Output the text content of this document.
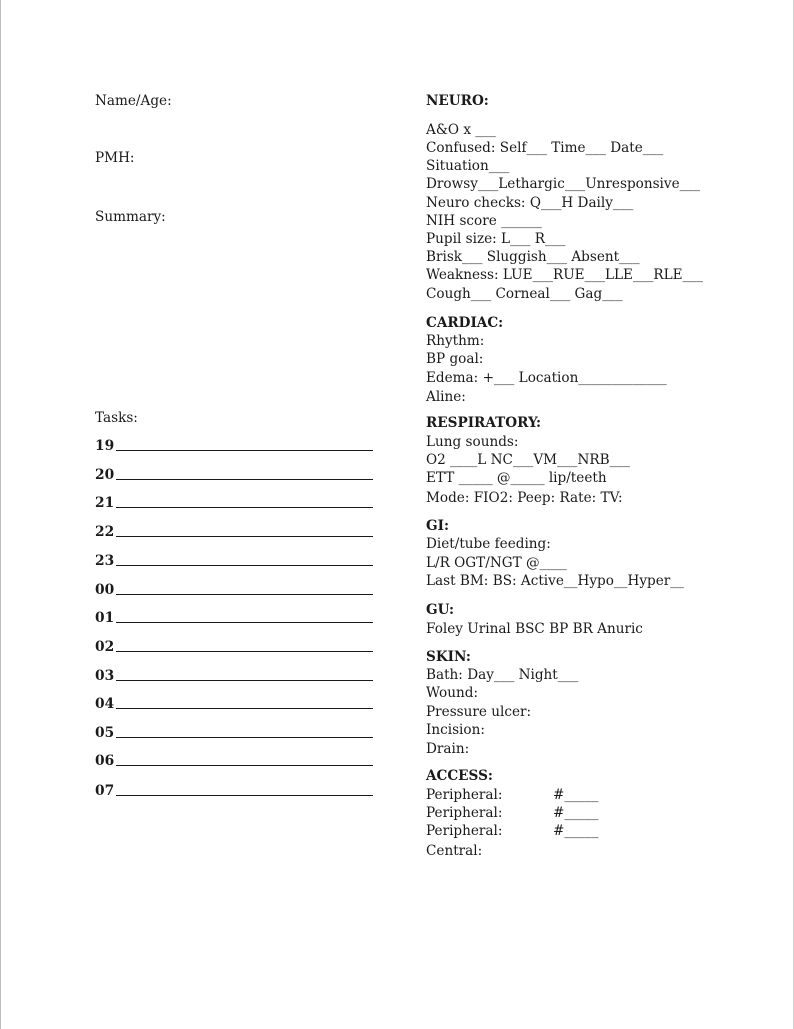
Name/Age:
PMH:
Summary:
Tasks:
19
20
21
22
23
00
01
02
03
04
05
06
07
NEURO:
A&O x ___
Confused: Self___ Time___ Date___
Situation___
Drowsy___Lethargic___Unresponsive___
Neuro checks: Q___H Daily___
NIH score ______
Pupil size: L___ R___
Brisk___ Sluggish___ Absent___
Weakness: LUE___RUE___LLE___RLE___
Cough___ Corneal___ Gag___
CARDIAC:
Rhythm:
BP goal:
Edema: +___ Location_____________
Aline:
RESPIRATORY:
Lung sounds:
O2 ____L NC___VM___NRB___
ETT _____ @_____ lip/teeth
Mode: FIO2: Peep: Rate: TV:
GI:
Diet/tube feeding:
L/R OGT/NGT @____
Last BM: BS: Active__Hypo__Hyper__
GU:
Foley Urinal BSC BP BR Anuric
SKIN:
Bath: Day___ Night___
Wound:
Pressure ulcer:
Incision:
Drain:
ACCESS:
Peripheral:	#_____
Peripheral:	#_____
Peripheral:	#_____
Central:
